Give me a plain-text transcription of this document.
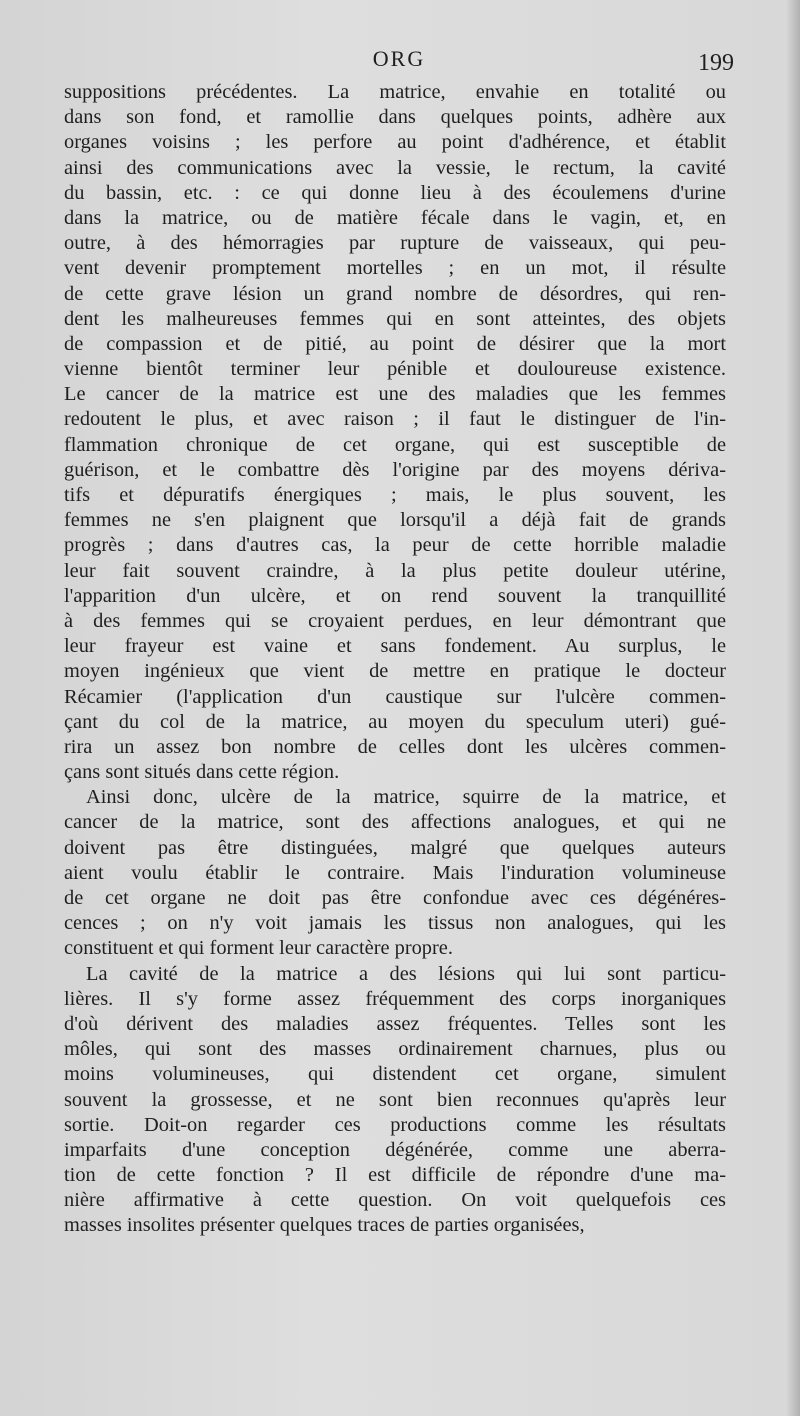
ORG	199
suppositions précédentes. La matrice, envahie en totalité ou
dans son fond, et ramollie dans quelques points, adhère aux
organes voisins ; les perfore au point d'adhérence, et établit
ainsi des communications avec la vessie, le rectum, la cavité
du bassin, etc. : ce qui donne lieu à des écoulemens d'urine
dans la matrice, ou de matière fécale dans le vagin, et, en
outre, à des hémorragies par rupture de vaisseaux, qui peu-
vent devenir promptement mortelles ; en un mot, il résulte
de cette grave lésion un grand nombre de désordres, qui ren-
dent les malheureuses femmes qui en sont atteintes, des objets
de compassion et de pitié, au point de désirer que la mort
vienne bientôt terminer leur pénible et douloureuse existence.
Le cancer de la matrice est une des maladies que les femmes
redoutent le plus, et avec raison ; il faut le distinguer de l'in-
flammation chronique de cet organe, qui est susceptible de
guérison, et le combattre dès l'origine par des moyens dériva-
tifs et dépuratifs énergiques ; mais, le plus souvent, les
femmes ne s'en plaignent que lorsqu'il a déjà fait de grands
progrès ; dans d'autres cas, la peur de cette horrible maladie
leur fait souvent craindre, à la plus petite douleur utérine,
l'apparition d'un ulcère, et on rend souvent la tranquillité
à des femmes qui se croyaient perdues, en leur démontrant que
leur frayeur est vaine et sans fondement. Au surplus, le
moyen ingénieux que vient de mettre en pratique le docteur
Récamier (l'application d'un caustique sur l'ulcère commen-
çant du col de la matrice, au moyen du speculum uteri) gué-
rira un assez bon nombre de celles dont les ulcères commen-
çans sont situés dans cette région.
Ainsi donc, ulcère de la matrice, squirre de la matrice, et
cancer de la matrice, sont des affections analogues, et qui ne
doivent pas être distinguées, malgré que quelques auteurs
aient voulu établir le contraire. Mais l'induration volumineuse
de cet organe ne doit pas être confondue avec ces dégénéres-
cences ; on n'y voit jamais les tissus non analogues, qui les
constituent et qui forment leur caractère propre.
La cavité de la matrice a des lésions qui lui sont particu-
lières. Il s'y forme assez fréquemment des corps inorganiques
d'où dérivent des maladies assez fréquentes. Telles sont les
môles, qui sont des masses ordinairement charnues, plus ou
moins volumineuses, qui distendent cet organe, simulent
souvent la grossesse, et ne sont bien reconnues qu'après leur
sortie. Doit-on regarder ces productions comme les résultats
imparfaits d'une conception dégénérée, comme une aberra-
tion de cette fonction ? Il est difficile de répondre d'une ma-
nière affirmative à cette question. On voit quelquefois ces
masses insolites présenter quelques traces de parties organisées,
